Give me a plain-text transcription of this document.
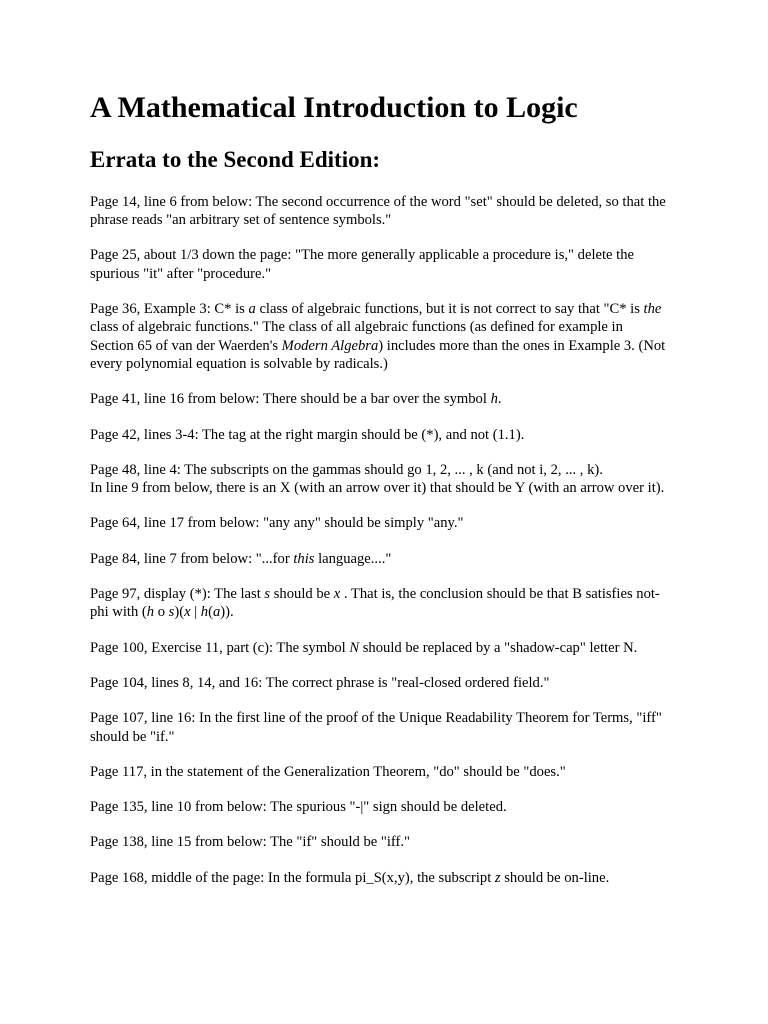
A Mathematical Introduction to Logic
Errata to the Second Edition:

Page 14, line 6 from below: The second occurrence of the word "set" should be deleted, so that the phrase reads "an arbitrary set of sentence symbols."

Page 25, about 1/3 down the page: "The more generally applicable a procedure is," delete the spurious "it" after "procedure."

Page 36, Example 3: C* is a class of algebraic functions, but it is not correct to say that "C* is the class of algebraic functions." The class of all algebraic functions (as defined for example in Section 65 of van der Waerden's Modern Algebra) includes more than the ones in Example 3. (Not every polynomial equation is solvable by radicals.)

Page 41, line 16 from below: There should be a bar over the symbol h.

Page 42, lines 3-4: The tag at the right margin should be (*), and not (1.1).

Page 48, line 4: The subscripts on the gammas should go 1, 2, ... , k (and not i, 2, ... , k).
In line 9 from below, there is an X (with an arrow over it) that should be Y (with an arrow over it).

Page 64, line 17 from below: "any any" should be simply "any."

Page 84, line 7 from below: "...for this language...."

Page 97, display (*): The last s should be x . That is, the conclusion should be that B satisfies not-phi with (h o s)(x | h(a)).

Page 100, Exercise 11, part (c): The symbol N should be replaced by a "shadow-cap" letter N.

Page 104, lines 8, 14, and 16: The correct phrase is "real-closed ordered field."

Page 107, line 16: In the first line of the proof of the Unique Readability Theorem for Terms, "iff" should be "if."

Page 117, in the statement of the Generalization Theorem, "do" should be "does."

Page 135, line 10 from below: The spurious "-|" sign should be deleted.

Page 138, line 15 from below: The "if" should be "iff."

Page 168, middle of the page: In the formula pi_S(x,y), the subscript z should be on-line.
